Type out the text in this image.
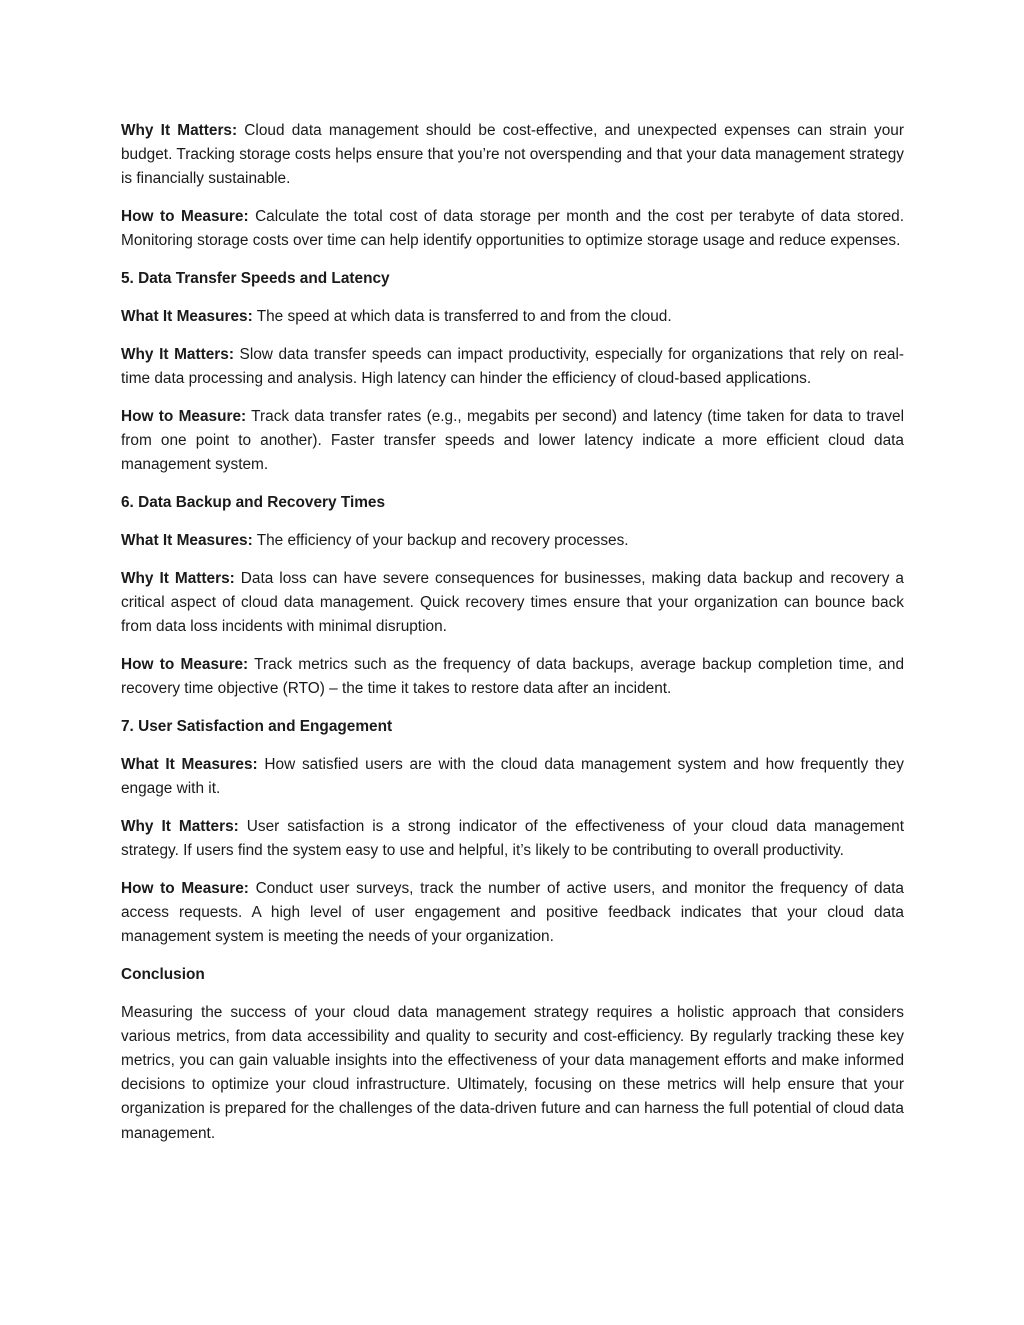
Why It Matters: Cloud data management should be cost-effective, and unexpected expenses can strain your budget. Tracking storage costs helps ensure that you’re not overspending and that your data management strategy is financially sustainable.

How to Measure: Calculate the total cost of data storage per month and the cost per terabyte of data stored. Monitoring storage costs over time can help identify opportunities to optimize storage usage and reduce expenses.

5. Data Transfer Speeds and Latency

What It Measures: The speed at which data is transferred to and from the cloud.

Why It Matters: Slow data transfer speeds can impact productivity, especially for organizations that rely on real-time data processing and analysis. High latency can hinder the efficiency of cloud-based applications.

How to Measure: Track data transfer rates (e.g., megabits per second) and latency (time taken for data to travel from one point to another). Faster transfer speeds and lower latency indicate a more efficient cloud data management system.

6. Data Backup and Recovery Times

What It Measures: The efficiency of your backup and recovery processes.

Why It Matters: Data loss can have severe consequences for businesses, making data backup and recovery a critical aspect of cloud data management. Quick recovery times ensure that your organization can bounce back from data loss incidents with minimal disruption.

How to Measure: Track metrics such as the frequency of data backups, average backup completion time, and recovery time objective (RTO) – the time it takes to restore data after an incident.

7. User Satisfaction and Engagement

What It Measures: How satisfied users are with the cloud data management system and how frequently they engage with it.

Why It Matters: User satisfaction is a strong indicator of the effectiveness of your cloud data management strategy. If users find the system easy to use and helpful, it’s likely to be contributing to overall productivity.

How to Measure: Conduct user surveys, track the number of active users, and monitor the frequency of data access requests. A high level of user engagement and positive feedback indicates that your cloud data management system is meeting the needs of your organization.

Conclusion

Measuring the success of your cloud data management strategy requires a holistic approach that considers various metrics, from data accessibility and quality to security and cost-efficiency. By regularly tracking these key metrics, you can gain valuable insights into the effectiveness of your data management efforts and make informed decisions to optimize your cloud infrastructure. Ultimately, focusing on these metrics will help ensure that your organization is prepared for the challenges of the data-driven future and can harness the full potential of cloud data management.
